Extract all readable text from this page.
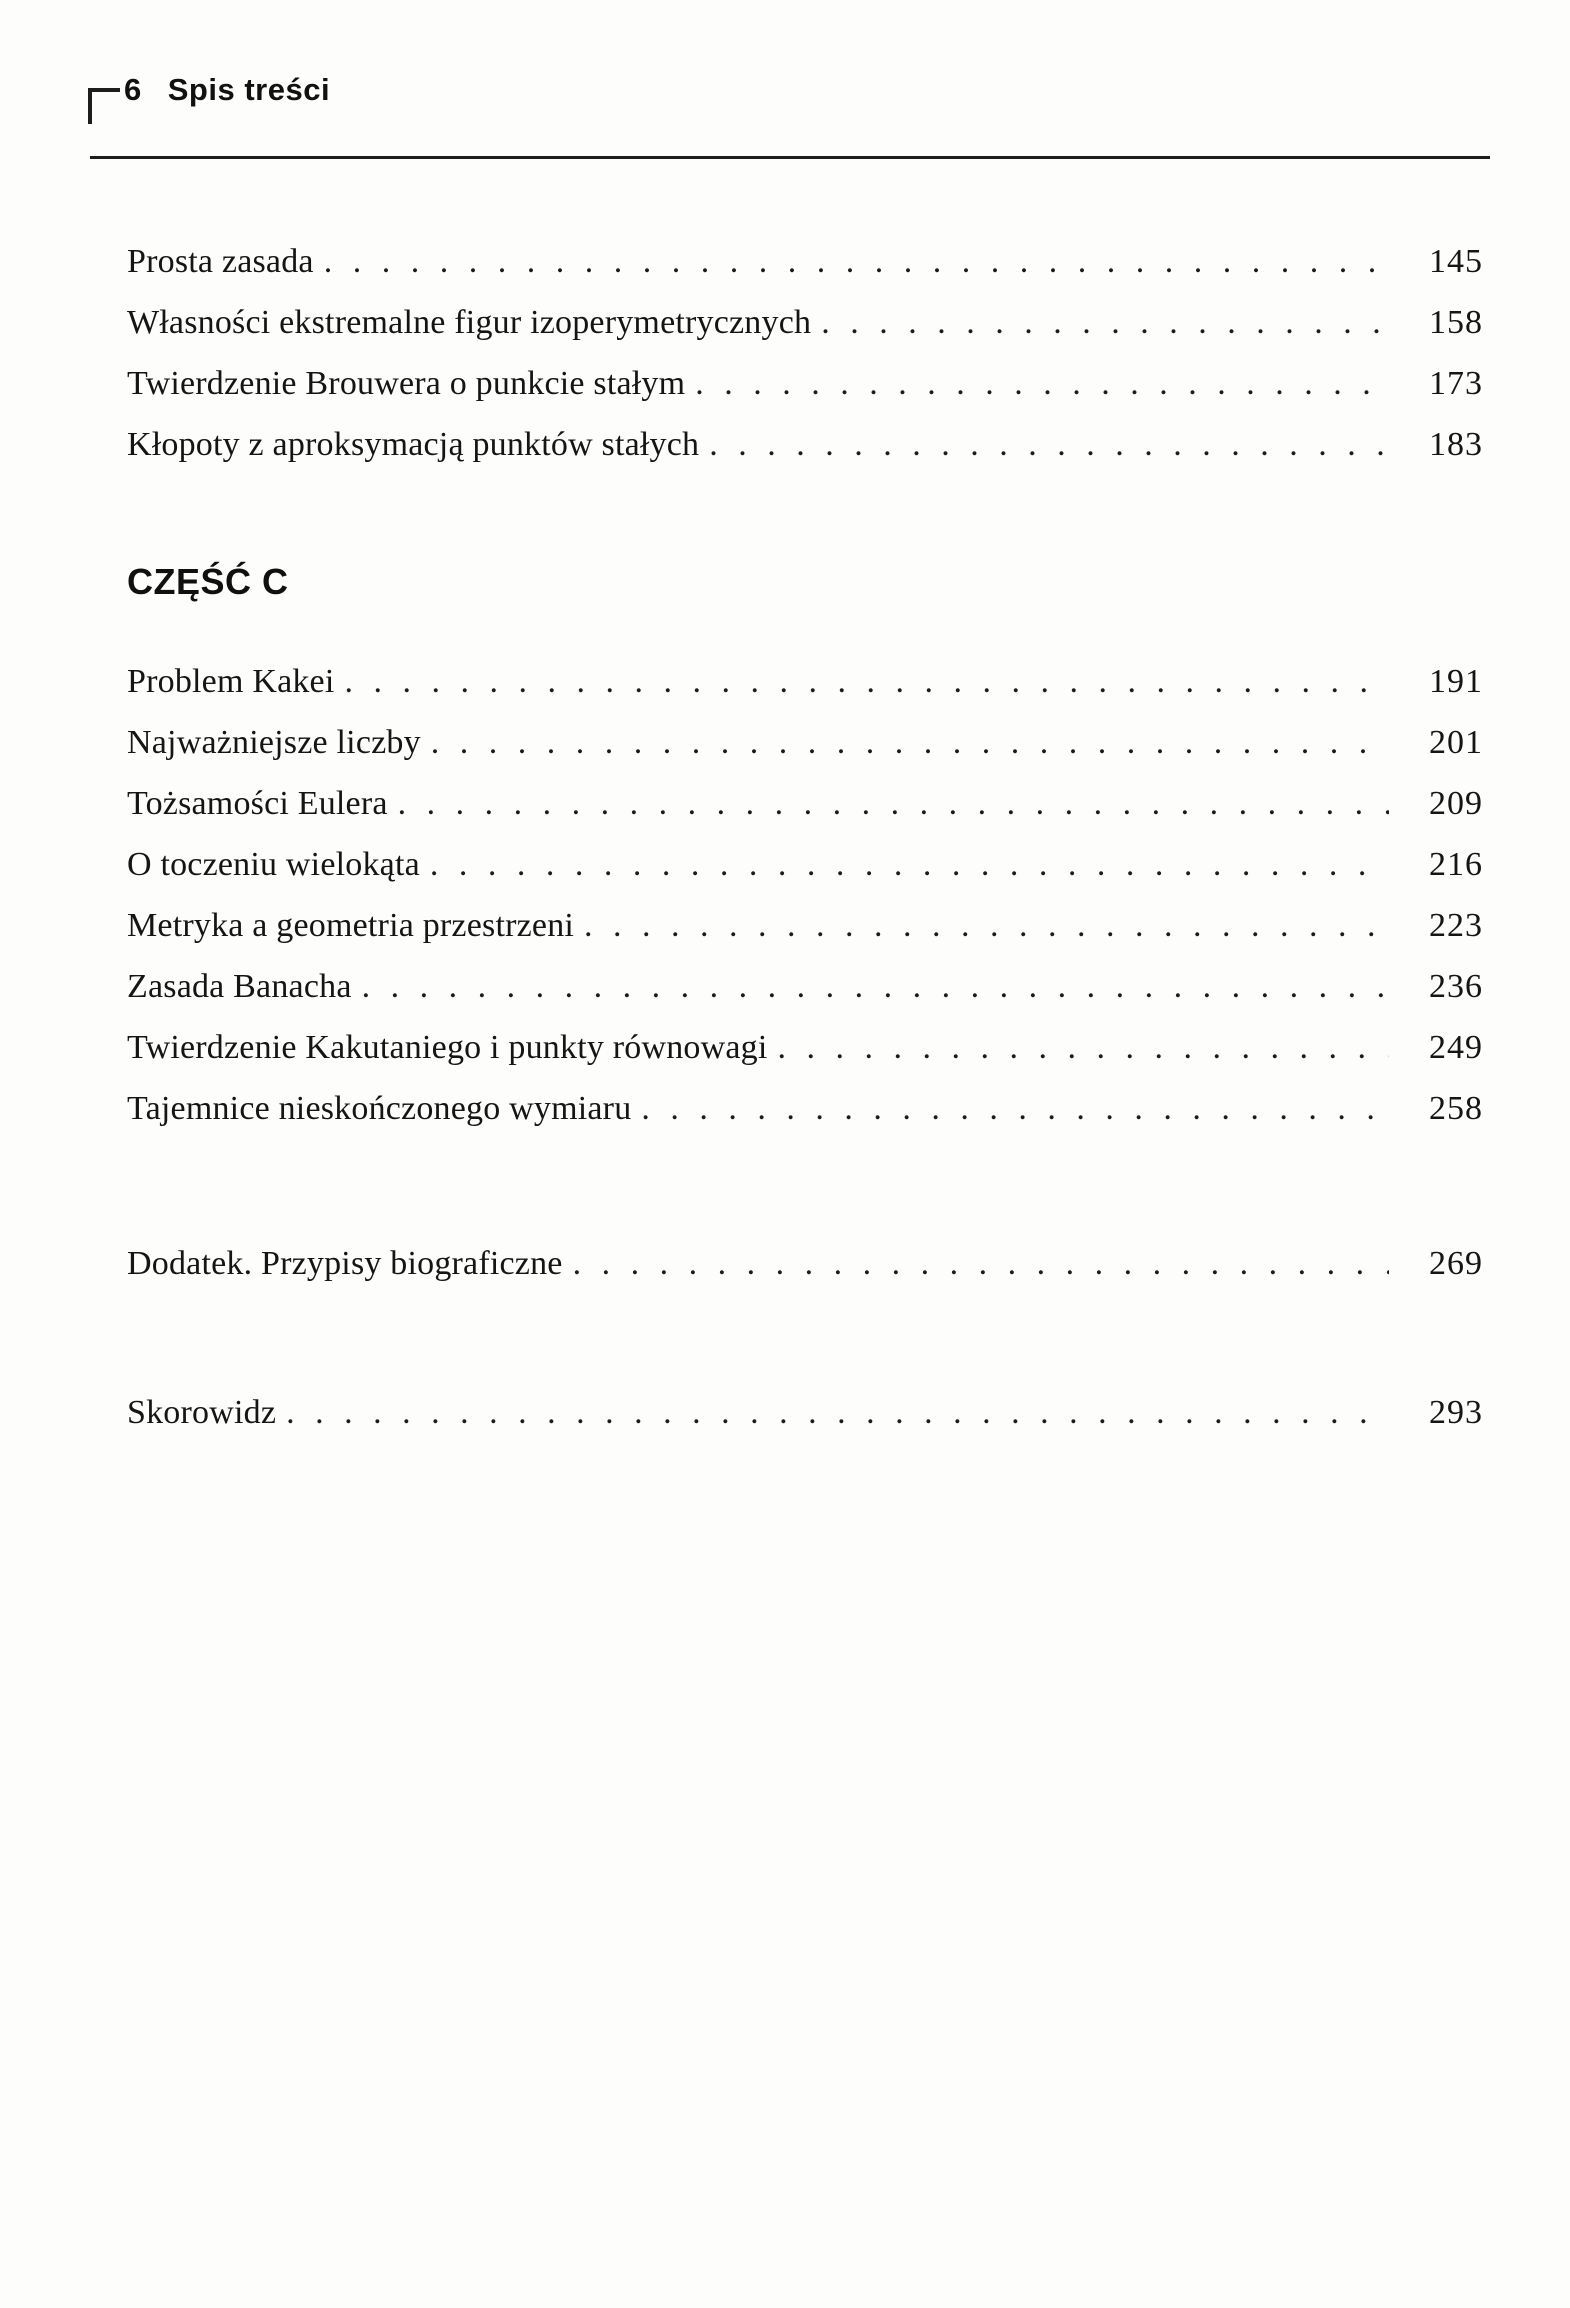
6 Spis treści
Prosta zasada . . .	145
Własności ekstremalne figur izoperymetrycznych . . .	158
Twierdzenie Brouwera o punkcie stałym . . .	173
Kłopoty z aproksymacją punktów stałych . . .	183
CZĘŚĆ C
Problem Kakei . . .	191
Najważniejsze liczby . . .	201
Tożsamości Eulera . . .	209
O toczeniu wielokąta . . .	216
Metryka a geometria przestrzeni . . .	223
Zasada Banacha . . .	236
Twierdzenie Kakutaniego i punkty równowagi . . .	249
Tajemnice nieskończonego wymiaru . . .	258
Dodatek. Przypisy biograficzne . . .	269
Skorowidz . . .	293
